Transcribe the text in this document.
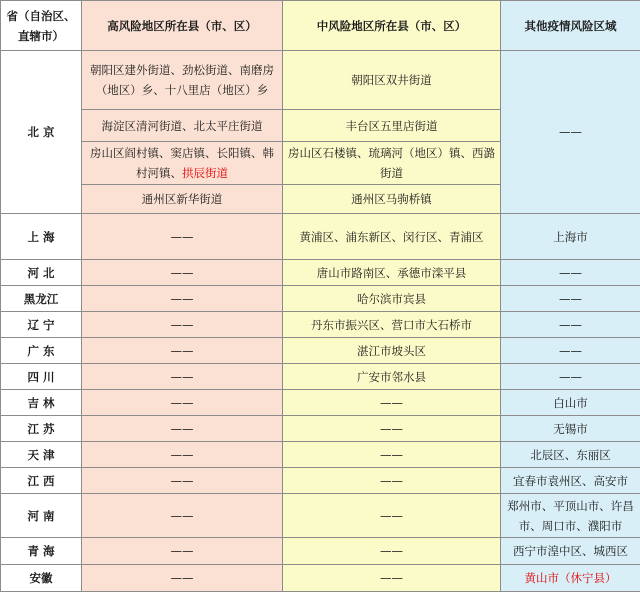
省（自治区、直辖市）	高风险地区所在县（市、区）	中风险地区所在县（市、区）	其他疫情风险区域
北 京	朝阳区建外街道、劲松街道、南磨房（地区）乡、十八里店（地区）乡	朝阳区双井街道	——
	海淀区清河街道、北太平庄街道	丰台区五里店街道	
	房山区阎村镇、窦店镇、长阳镇、韩村河镇、拱辰街道	房山区石楼镇、琉璃河（地区）镇、西潞街道	
	通州区新华街道	通州区马驹桥镇	
上 海	——	黄浦区、浦东新区、闵行区、青浦区	上海市
河 北	——	唐山市路南区、承德市滦平县	——
黑龙江	——	哈尔滨市宾县	——
辽 宁	——	丹东市振兴区、营口市大石桥市	——
广 东	——	湛江市坡头区	——
四 川	——	广安市邻水县	——
吉 林	——	——	白山市
江 苏	——	——	无锡市
天 津	——	——	北辰区、东丽区
江 西	——	——	宜春市袁州区、高安市
河 南	——	——	郑州市、平顶山市、许昌市、周口市、濮阳市
青 海	——	——	西宁市湟中区、城西区
安徽	——	——	黄山市（休宁县）
